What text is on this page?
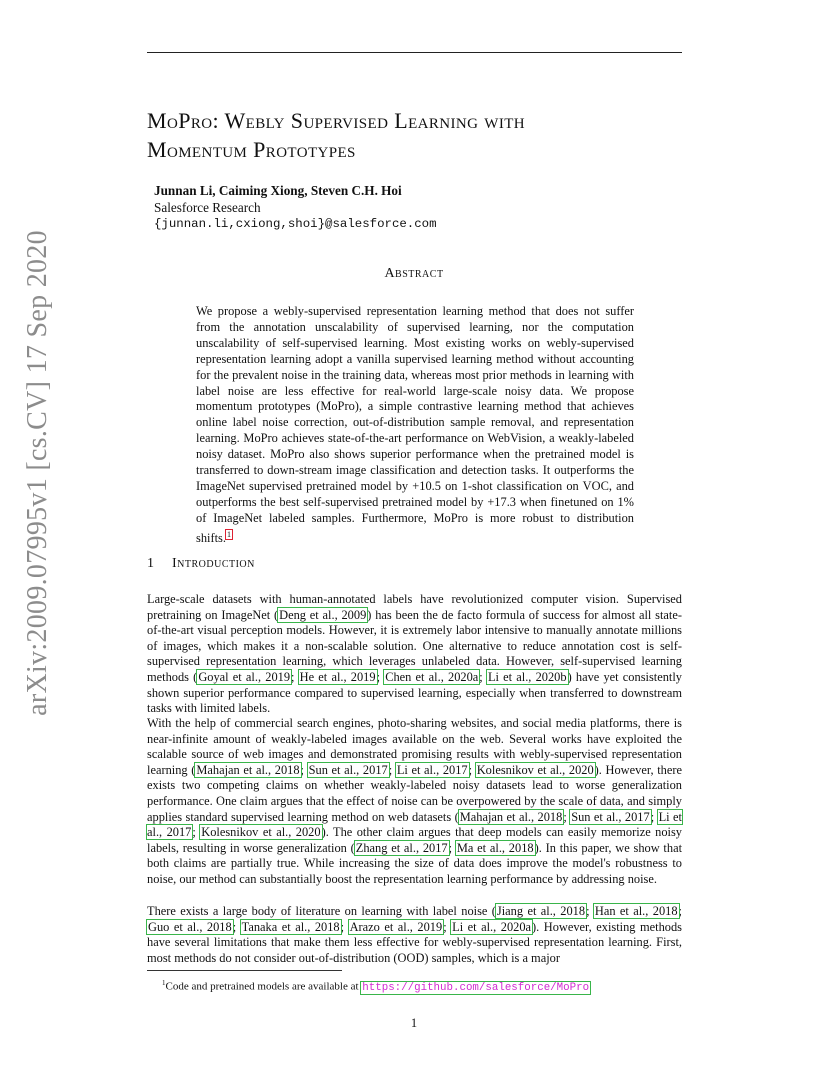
arXiv:2009.07995v1 [cs.CV] 17 Sep 2020
MoPro: Webly Supervised Learning with
Momentum Prototypes
Junnan Li, Caiming Xiong, Steven C.H. Hoi
Salesforce Research
{junnan.li,cxiong,shoi}@salesforce.com
Abstract

We propose a webly-supervised representation learning method that does not suffer from the annotation unscalability of supervised learning, nor the computation unscalability of self-supervised learning. Most existing works on webly-supervised representation learning adopt a vanilla supervised learning method without accounting for the prevalent noise in the training data, whereas most prior methods in learning with label noise are less effective for real-world large-scale noisy data. We propose momentum prototypes (MoPro), a simple contrastive learning method that achieves online label noise correction, out-of-distribution sample removal, and representation learning. MoPro achieves state-of-the-art performance on WebVision, a weakly-labeled noisy dataset. MoPro also shows superior performance when the pretrained model is transferred to down-stream image classification and detection tasks. It outperforms the ImageNet supervised pretrained model by +10.5 on 1-shot classification on VOC, and outperforms the best self-supervised pretrained model by +17.3 when finetuned on 1% of ImageNet labeled samples. Furthermore, MoPro is more robust to distribution shifts.$^1$

1 Introduction

Large-scale datasets with human-annotated labels have revolutionized computer vision. Supervised pretraining on ImageNet (Deng et al., 2009) has been the de facto formula of success for almost all state-of-the-art visual perception models. However, it is extremely labor intensive to manually annotate millions of images, which makes it a non-scalable solution. One alternative to reduce annotation cost is self-supervised representation learning, which leverages unlabeled data. However, self-supervised learning methods (Goyal et al., 2019; He et al., 2019; Chen et al., 2020a; Li et al., 2020b) have yet consistently shown superior performance compared to supervised learning, especially when transferred to downstream tasks with limited labels.

With the help of commercial search engines, photo-sharing websites, and social media platforms, there is near-infinite amount of weakly-labeled images available on the web. Several works have exploited the scalable source of web images and demonstrated promising results with webly-supervised representation learning (Mahajan et al., 2018; Sun et al., 2017; Li et al., 2017; Kolesnikov et al., 2020). However, there exists two competing claims on whether weakly-labeled noisy datasets lead to worse generalization performance. One claim argues that the effect of noise can be overpowered by the scale of data, and simply applies standard supervised learning method on web datasets (Mahajan et al., 2018; Sun et al., 2017; Li et al., 2017; Kolesnikov et al., 2020). The other claim argues that deep models can easily memorize noisy labels, resulting in worse generalization (Zhang et al., 2017; Ma et al., 2018). In this paper, we show that both claims are partially true. While increasing the size of data does improve the model's robustness to noise, our method can substantially boost the representation learning performance by addressing noise.

There exists a large body of literature on learning with label noise (Jiang et al., 2018; Han et al., 2018; Guo et al., 2018; Tanaka et al., 2018; Arazo et al., 2019; Li et al., 2020a). However, existing methods have several limitations that make them less effective for webly-supervised representation learning. First, most methods do not consider out-of-distribution (OOD) samples, which is a major

$^1$Code and pretrained models are available at https://github.com/salesforce/MoPro
1
